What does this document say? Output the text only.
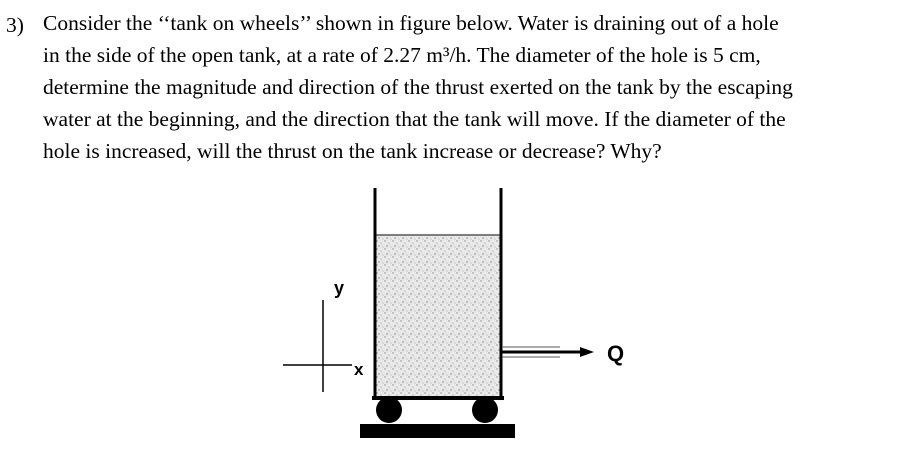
3) Consider the ‘‘tank on wheels’’ shown in figure below. Water is draining out of a hole
in the side of the open tank, at a rate of 2.27 m³/h. The diameter of the hole is 5 cm,
determine the magnitude and direction of the thrust exerted on the tank by the escaping
water at the beginning, and the direction that the tank will move. If the diameter of the
hole is increased, will the thrust on the tank increase or decrease? Why?
y
x
Q
